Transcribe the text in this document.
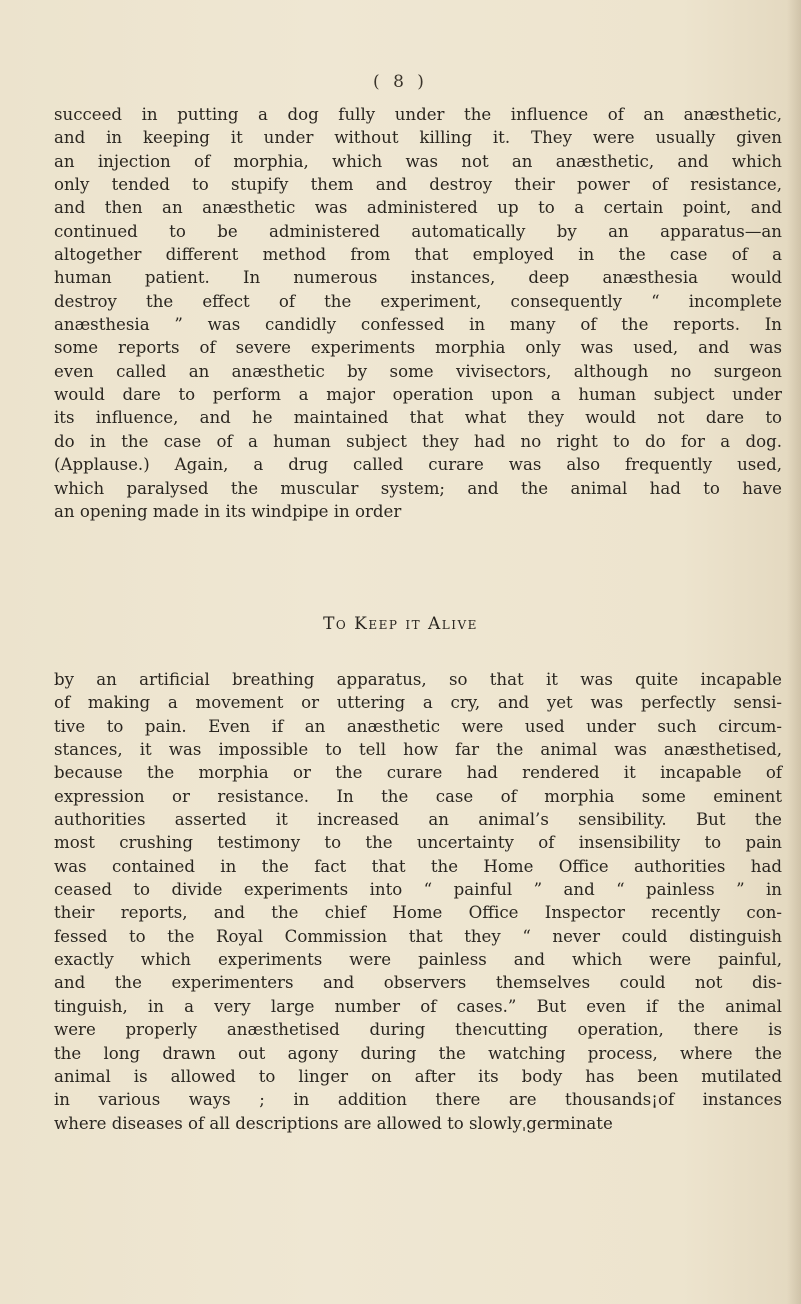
( 8 )
succeed in putting a dog fully under the influence of an anæsthetic,
and in keeping it under without killing it. They were usually given
an injection of morphia, which was not an anæsthetic, and which
only tended to stupify them and destroy their power of resistance,
and then an anæsthetic was administered up to a certain point, and
continued to be administered automatically by an apparatus—an
altogether different method from that employed in the case of a
human patient. In numerous instances, deep anæsthesia would
destroy the effect of the experiment, consequently “ incomplete
anæsthesia ” was candidly confessed in many of the reports. In
some reports of severe experiments morphia only was used, and was
even called an anæsthetic by some vivisectors, although no surgeon
would dare to perform a major operation upon a human subject under
its influence, and he maintained that what they would not dare to
do in the case of a human subject they had no right to do for a dog.
(Applause.) Again, a drug called curare was also frequently used,
which paralysed the muscular system; and the animal had to have
an opening made in its windpipe in order
To Keep it Alive
by an artificial breathing apparatus, so that it was quite incapable
of making a movement or uttering a cry, and yet was perfectly sensi-
tive to pain. Even if an anæsthetic were used under such circum-
stances, it was impossible to tell how far the animal was anæsthetised,
because the morphia or the curare had rendered it incapable of
expression or resistance. In the case of morphia some eminent
authorities asserted it increased an animal’s sensibility. But the
most crushing testimony to the uncertainty of insensibility to pain
was contained in the fact that the Home Office authorities had
ceased to divide experiments into “ painful ” and “ painless ” in
their reports, and the chief Home Office Inspector recently con-
fessed to the Royal Commission that they “ never could distinguish
exactly which experiments were painless and which were painful,
and the experimenters and observers themselves could not dis-
tinguish, in a very large number of cases.” But even if the animal
were properly anæsthetised during the℩cutting operation, there is
the long drawn out agony during the watching process, where the
animal is allowed to linger on after its body has been mutilated
in various ways ; in addition there are thousands¡of instances
where diseases of all descriptions are allowed to slowlyˌgerminate
